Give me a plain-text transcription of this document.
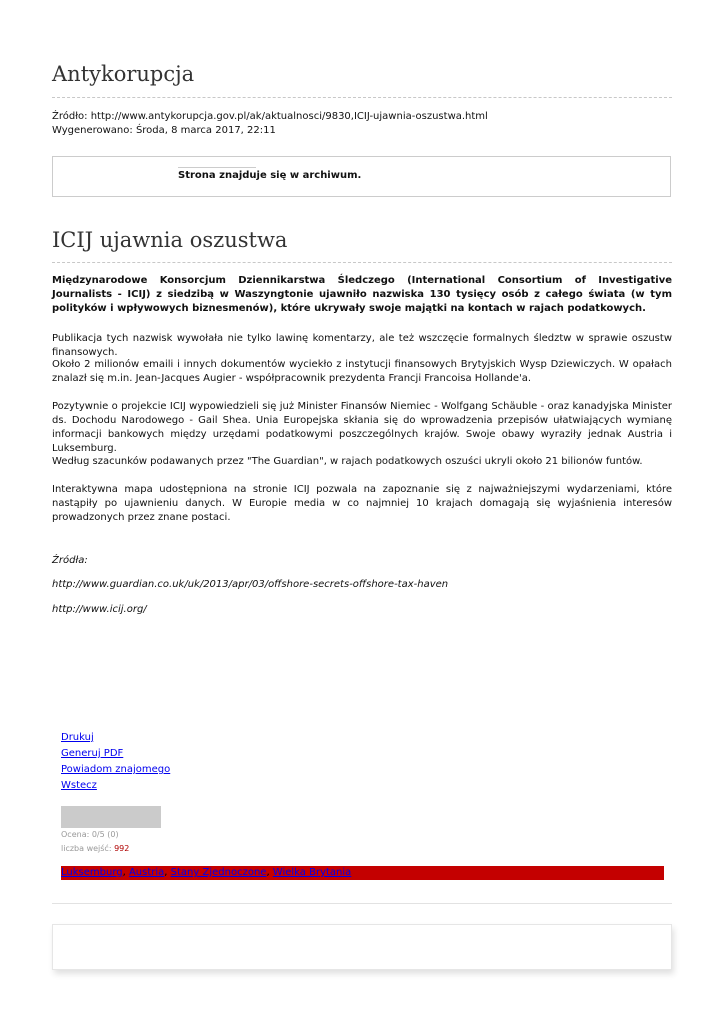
Antykorupcja
Źródło: http://www.antykorupcja.gov.pl/ak/aktualnosci/9830,ICIJ-ujawnia-oszustwa.html
Wygenerowano: Środa, 8 marca 2017, 22:11
Strona znajduje się w archiwum.
ICIJ ujawnia oszustwa

Międzynarodowe Konsorcjum Dziennikarstwa Śledczego (International Consortium of Investigative Journalists - ICIJ) z siedzibą w Waszyngtonie ujawniło nazwiska 130 tysięcy osób z całego świata (w tym polityków i wpływowych biznesmenów), które ukrywały swoje majątki na kontach w rajach podatkowych.

Publikacja tych nazwisk wywołała nie tylko lawinę komentarzy, ale też wszczęcie formalnych śledztw w sprawie oszustw finansowych.

Około 2 milionów emaili i innych dokumentów wyciekło z instytucji finansowych Brytyjskich Wysp Dziewiczych. W opałach znalazł się m.in. Jean-Jacques Augier - współpracownik prezydenta Francji Francoisa Hollande'a.

Pozytywnie o projekcie ICIJ wypowiedzieli się już Minister Finansów Niemiec - Wolfgang Schäuble - oraz kanadyjska Minister ds. Dochodu Narodowego - Gail Shea. Unia Europejska skłania się do wprowadzenia przepisów ułatwiających wymianę informacji bankowych między urzędami podatkowymi poszczególnych krajów. Swoje obawy wyraziły jednak Austria i Luksemburg.

Według szacunków podawanych przez "The Guardian", w rajach podatkowych oszuści ukryli około 21 bilionów funtów.

Interaktywna mapa udostępniona na stronie ICIJ pozwala na zapoznanie się z najważniejszymi wydarzeniami, które nastąpiły po ujawnieniu danych. W Europie media w co najmniej 10 krajach domagają się wyjaśnienia interesów prowadzonych przez znane postaci.

Źródła:

http://www.guardian.co.uk/uk/2013/apr/03/offshore-secrets-offshore-tax-haven

http://www.icij.org/

Drukuj
Generuj PDF
Powiadom znajomego
Wstecz
Ocena: 0/5 (0)
liczba wejść: 992
Luksemburg, Austria, Stany Zjednoczone, Wielka Brytania
